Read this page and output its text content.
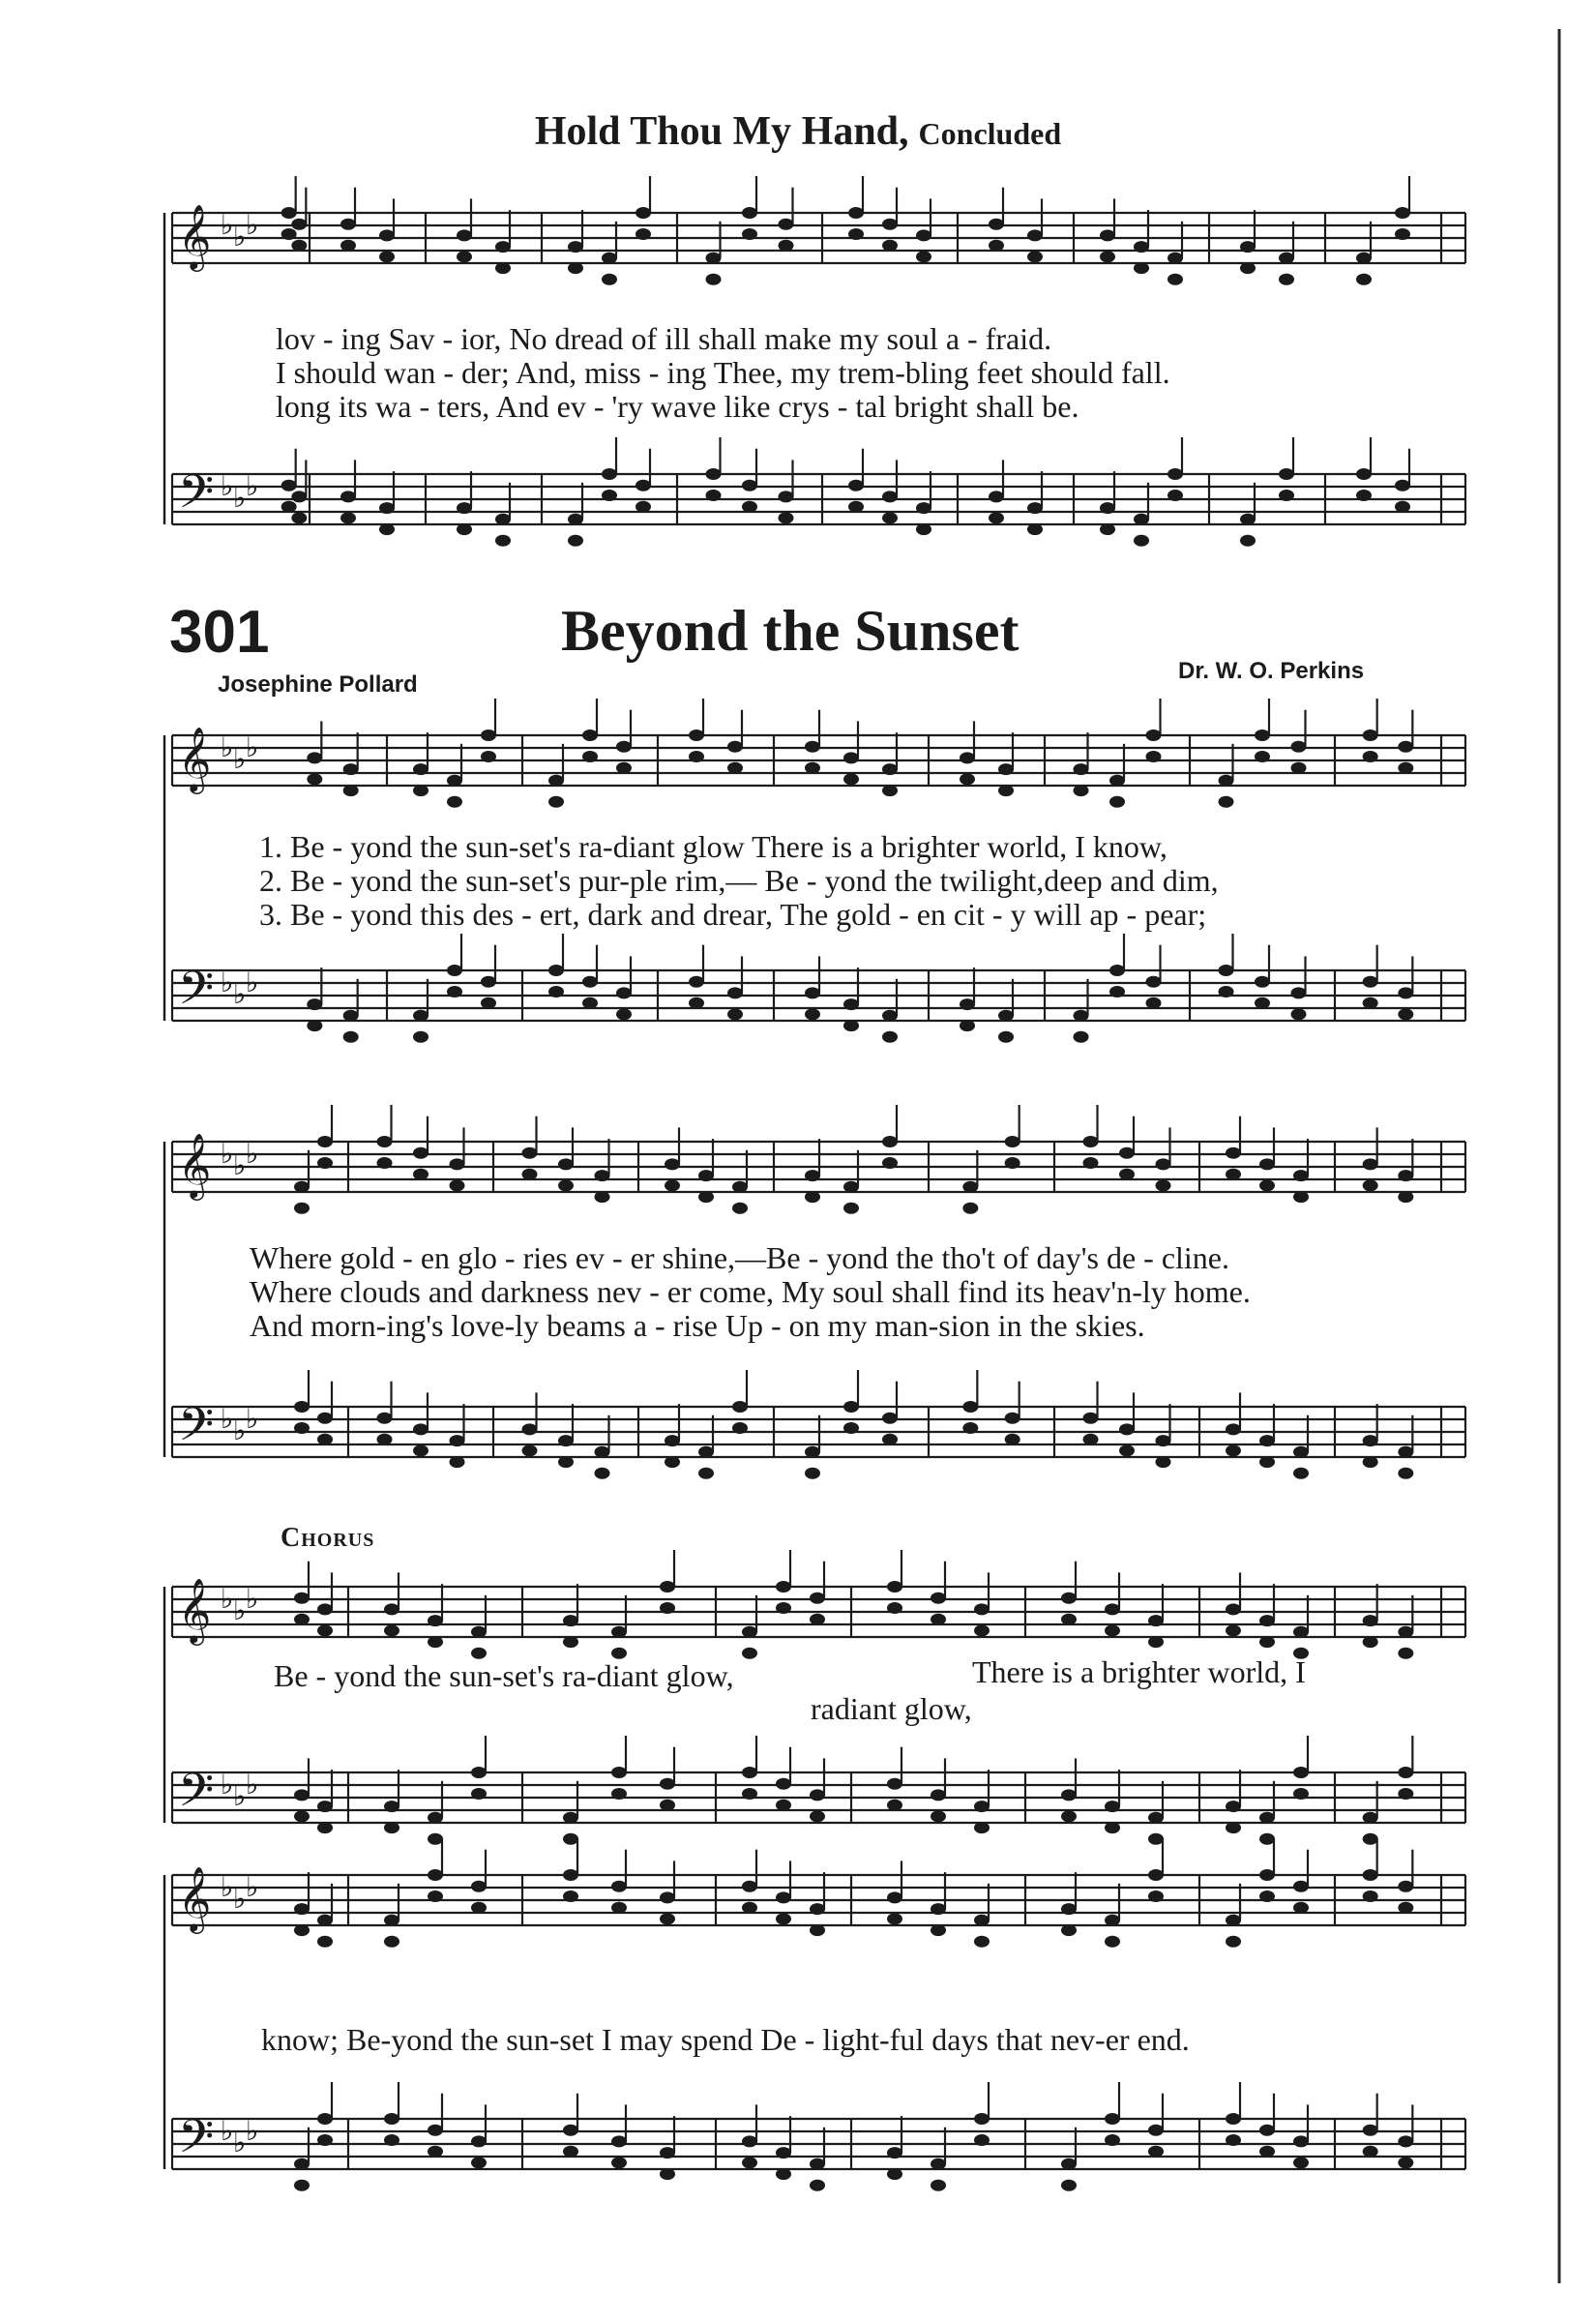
Hold Thou My Hand, Concluded
𝄞 ♭ ♭ ♭
𝄢 ♭ ♭ ♭
𝄞 ♭ ♭ ♭
𝄢 ♭ ♭ ♭
𝄞 ♭ ♭ ♭
𝄢 ♭ ♭ ♭
𝄞 ♭ ♭ ♭
𝄢 ♭ ♭ ♭
𝄞 ♭ ♭ ♭
𝄢 ♭ ♭ ♭
301	Beyond the Sunset
Josephine Pollard
Dr. W. O. Perkins
lov - ing Sav - ior, No dread of ill shall make my soul a - fraid.
I should wan - der; And, miss - ing Thee, my trem-bling feet should fall.
long its wa - ters, And ev - 'ry wave like crys - tal bright shall be.
1. Be - yond the sun-set's ra-diant glow There is a brighter world, I know,
2. Be - yond the sun-set's pur-ple rim,— Be - yond the twilight,deep and dim,
3. Be - yond this des - ert, dark and drear, The gold - en cit - y will ap - pear;
Where gold - en glo - ries ev - er shine,—Be - yond the tho't of day's de - cline.
Where clouds and darkness nev - er come, My soul shall find its heav'n-ly home.
And morn-ing's love-ly beams a - rise Up - on my man-sion in the skies.
Chorus
Be - yond the sun-set's ra-diant glow,	There is a brighter world, I
radiant glow,
know; Be-yond the sun-set I may spend De - light-ful days that nev-er end.
